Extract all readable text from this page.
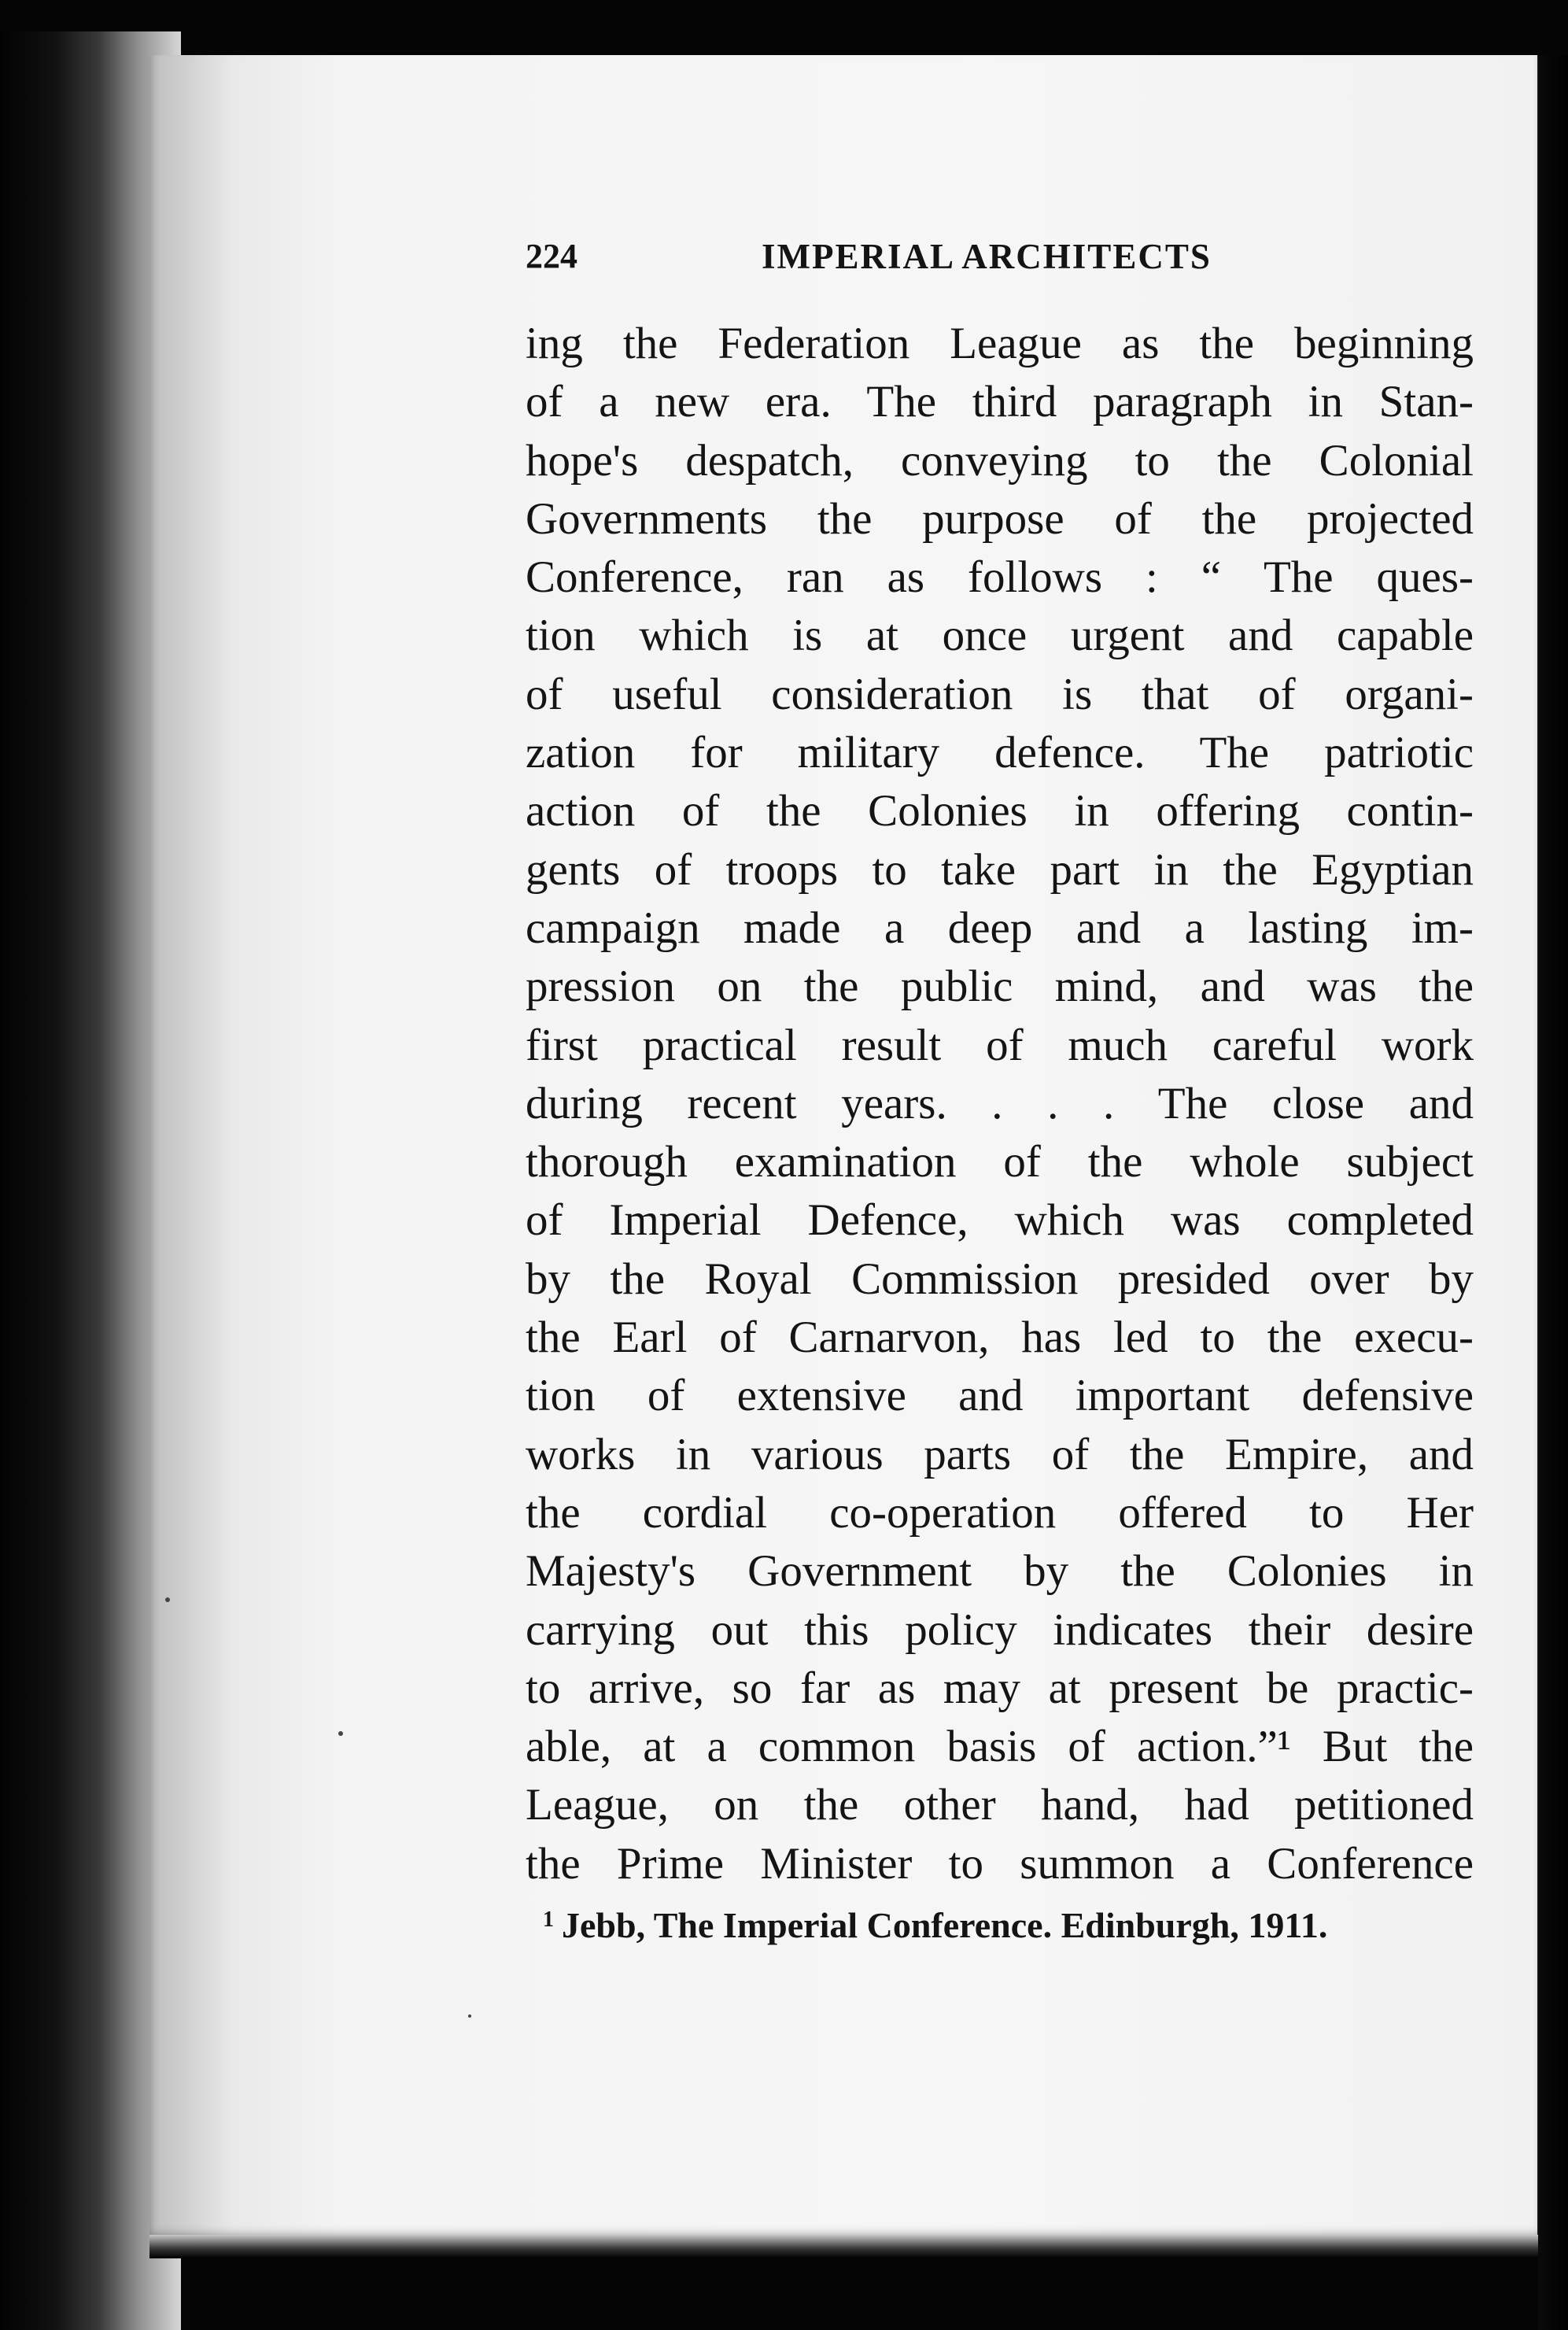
224	IMPERIAL ARCHITECTS
ing the Federation League as the beginning
of a new era. The third paragraph in Stan-
hope's despatch, conveying to the Colonial
Governments the purpose of the projected
Conference, ran as follows : “ The ques-
tion which is at once urgent and capable
of useful consideration is that of organi-
zation for military defence. The patriotic
action of the Colonies in offering contin-
gents of troops to take part in the Egyptian
campaign made a deep and a lasting im-
pression on the public mind, and was the
first practical result of much careful work
during recent years. . . . The close and
thorough examination of the whole subject
of Imperial Defence, which was completed
by the Royal Commission presided over by
the Earl of Carnarvon, has led to the execu-
tion of extensive and important defensive
works in various parts of the Empire, and
the cordial co-operation offered to Her
Majesty's Government by the Colonies in
carrying out this policy indicates their desire
to arrive, so far as may at present be practic-
able, at a common basis of action.”¹ But the
League, on the other hand, had petitioned
the Prime Minister to summon a Conference
$^1$ Jebb, The Imperial Conference. Edinburgh, 1911.
